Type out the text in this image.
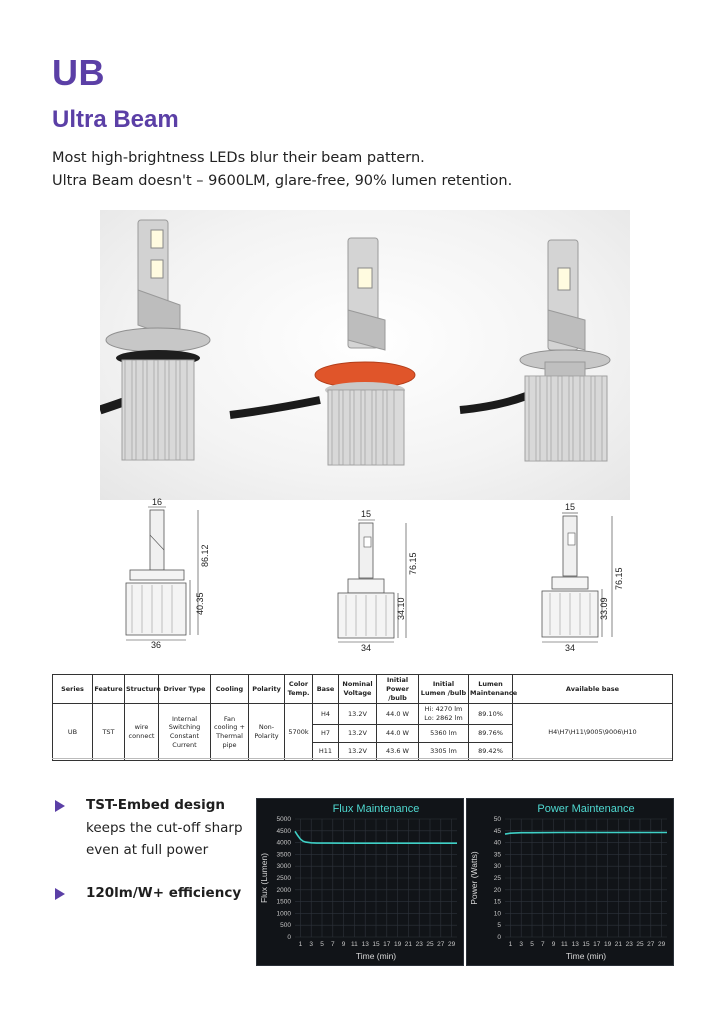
UB
Ultra Beam
Most high-brightness LEDs blur their beam pattern.
Ultra Beam doesn't – 9600LM, glare-free, 90% lumen retention.
16
86.12
40.35
36
15
76.15
34.10
34
15
76.15
33.09
34
Series	Feature	Structure	Driver Type	Cooling	Polarity	Color Temp.	Base	Nominal Voltage	Initial Power /bulb	Initial Lumen /bulb	Lumen Maintenance	Available base
UB	TST	wire connect	Internal Switching Constant Current	Fan cooling + Thermal pipe	Non-Polarity	5700k	H4	13.2V	44.0 W	Hi: 4270 lm Lo: 2862 lm	89.10%	H4\H7\H11\9005\9006\H10
							H7	13.2V	44.0 W	5360 lm	89.76%	
							H11	13.2V	43.6 W	3305 lm	89.42%	
TST-Embed design
keeps the cut-off sharp
even at full power
120lm/W+ efficiency
Flux Maintenance
0
500
1000
1500
2000
2500
3000
3500
4000
4500
5000
1 3 5 7 9 11 13 15 17 19 21 23 25 27 29
Time (min)
Flux (Lumen)
Power Maintenance
0
5
10
15
20
25
30
35
40
45
50
1 3 5 7 9 11 13 15 17 19 21 23 25 27 29
Time (min)
Power (Watts)
